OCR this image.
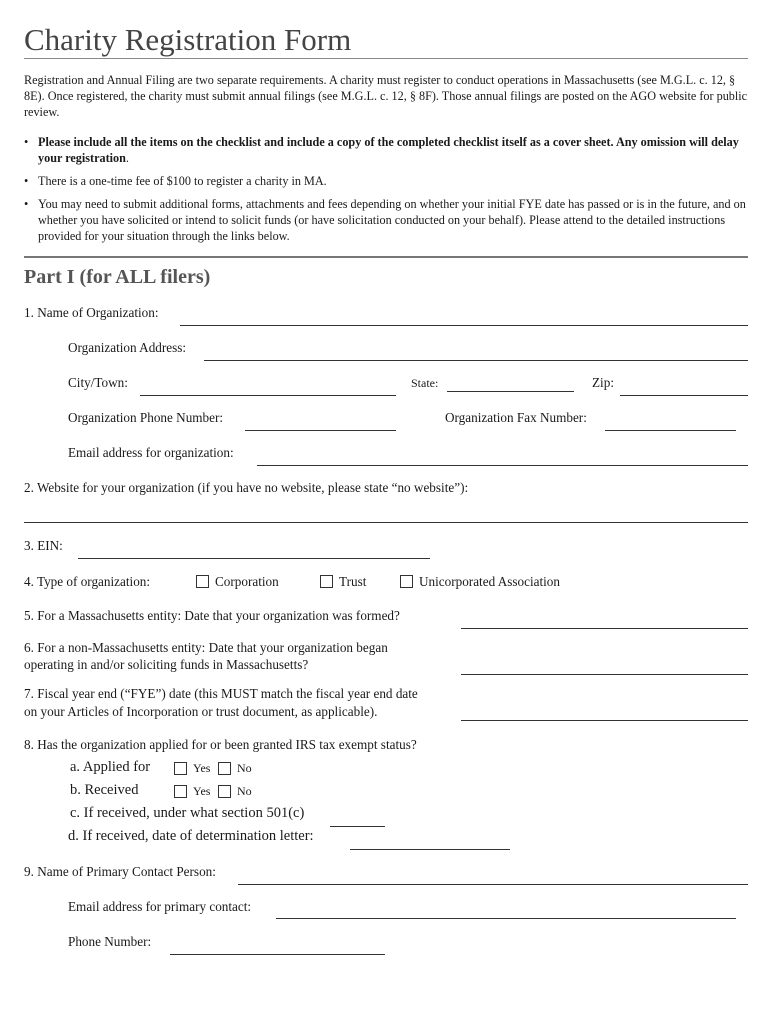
Charity Registration Form
Registration and Annual Filing are two separate requirements. A charity must register to conduct operations in Massachusetts (see M.G.L. c. 12, § 8E). Once registered, the charity must submit annual filings (see M.G.L. c. 12, § 8F). Those annual filings are posted on the AGO website for public review.
• Please include all the items on the checklist and include a copy of the completed checklist itself as a cover sheet. Any omission will delay your registration.
• There is a one-time fee of $100 to register a charity in MA.
• You may need to submit additional forms, attachments and fees depending on whether your initial FYE date has passed or is in the future, and on whether you have solicited or intend to solicit funds (or have solicitation conducted on your behalf). Please attend to the detailed instructions provided for your situation through the links below.
Part I (for ALL filers)
1. Name of Organization:
Organization Address:
City/Town:	State:	Zip:
Organization Phone Number:	Organization Fax Number:
Email address for organization:
2. Website for your organization (if you have no website, please state “no website”):
3. EIN:
4. Type of organization:	Corporation	Trust	Unicorporated Association
5. For a Massachusetts entity: Date that your organization was formed?
6. For a non-Massachusetts entity: Date that your organization began
operating in and/or soliciting funds in Massachusetts?
7. Fiscal year end (“FYE”) date (this MUST match the fiscal year end date
on your Articles of Incorporation or trust document, as applicable).
8. Has the organization applied for or been granted IRS tax exempt status?
a. Applied for	Yes No
b. Received	Yes No
c. If received, under what section 501(c)
d. If received, date of determination letter:
9. Name of Primary Contact Person:
Email address for primary contact:
Phone Number:
